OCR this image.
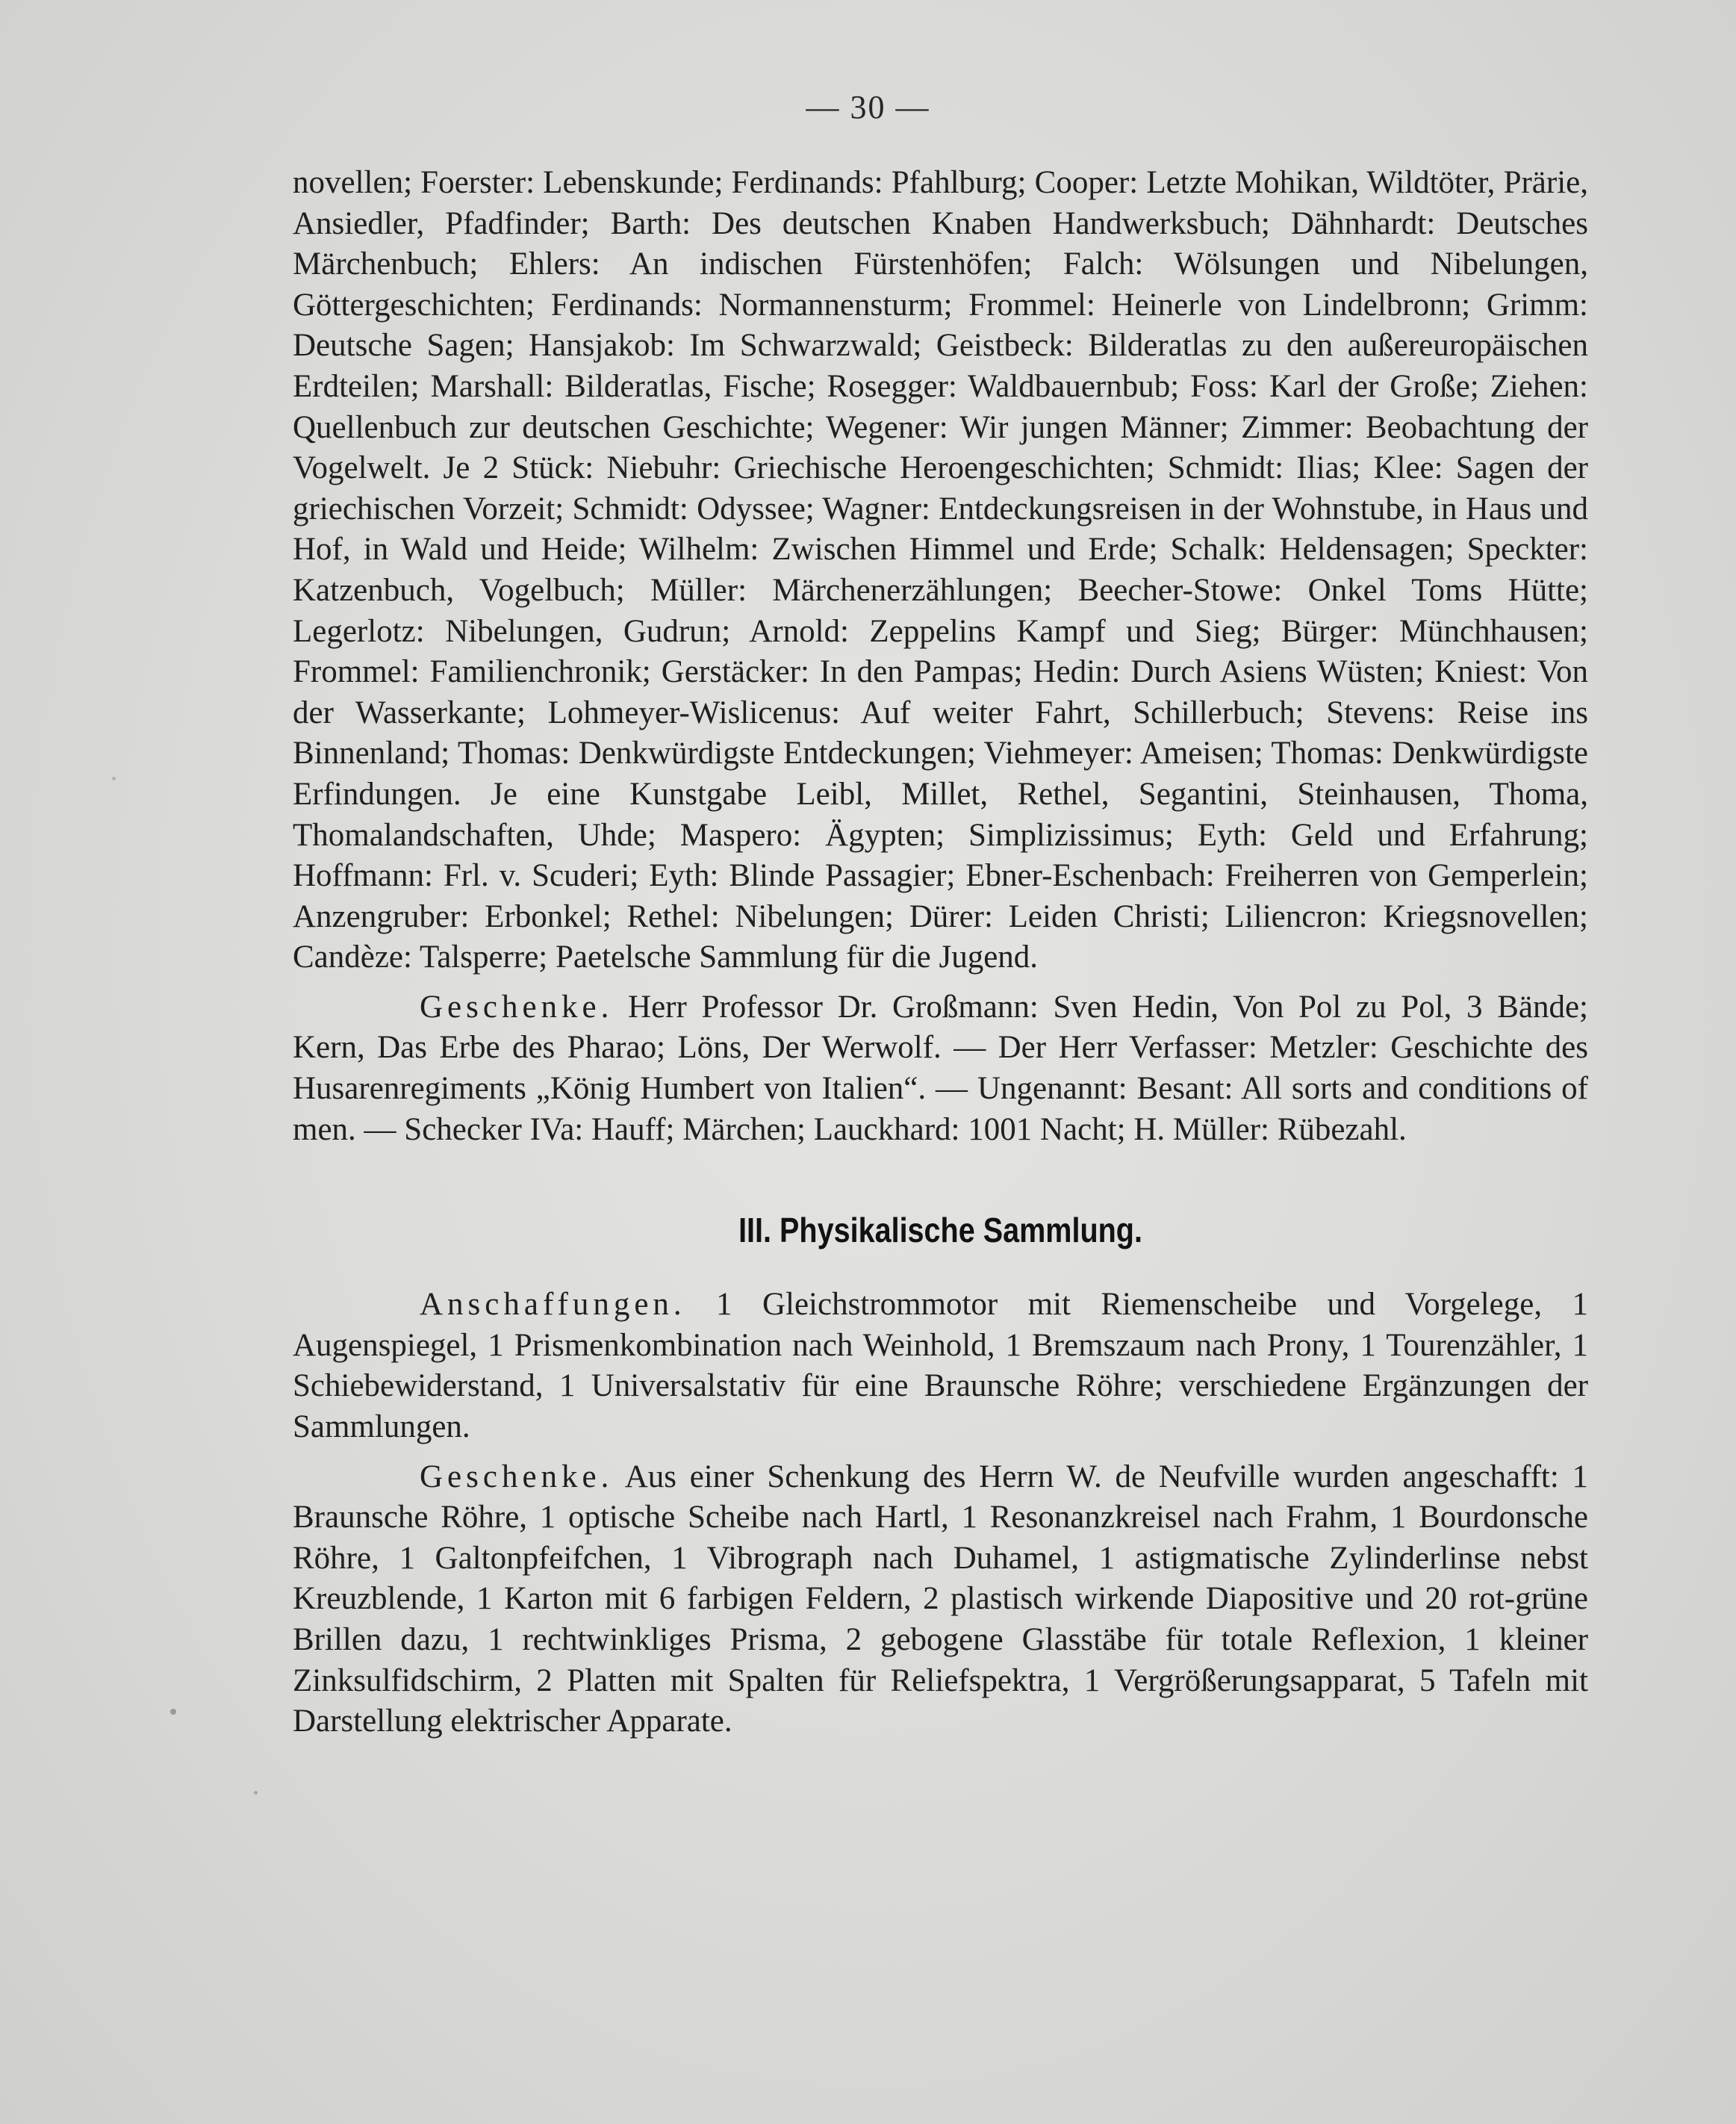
— 30 —

novellen; Foerster: Lebenskunde; Ferdinands: Pfahlburg; Cooper: Letzte Mohikan, Wildtöter, Prärie, Ansiedler, Pfadfinder; Barth: Des deutschen Knaben Handwerksbuch; Dähnhardt: Deutsches Märchenbuch; Ehlers: An indischen Fürstenhöfen; Falch: Wölsungen und Nibelungen, Göttergeschichten; Ferdinands: Normannensturm; Frommel: Heinerle von Lindelbronn; Grimm: Deutsche Sagen; Hansjakob: Im Schwarzwald; Geistbeck: Bilderatlas zu den außereuropäischen Erdteilen; Marshall: Bilderatlas, Fische; Rosegger: Waldbauernbub; Foss: Karl der Große; Ziehen: Quellenbuch zur deutschen Geschichte; Wegener: Wir jungen Männer; Zimmer: Beobachtung der Vogelwelt. Je 2 Stück: Niebuhr: Griechische Heroengeschichten; Schmidt: Ilias; Klee: Sagen der griechischen Vorzeit; Schmidt: Odyssee; Wagner: Entdeckungsreisen in der Wohnstube, in Haus und Hof, in Wald und Heide; Wilhelm: Zwischen Himmel und Erde; Schalk: Heldensagen; Speckter: Katzenbuch, Vogelbuch; Müller: Märchenerzählungen; Beecher-Stowe: Onkel Toms Hütte; Legerlotz: Nibelungen, Gudrun; Arnold: Zeppelins Kampf und Sieg; Bürger: Münchhausen; Frommel: Familienchronik; Gerstäcker: In den Pampas; Hedin: Durch Asiens Wüsten; Kniest: Von der Wasserkante; Lohmeyer-Wislicenus: Auf weiter Fahrt, Schillerbuch; Stevens: Reise ins Binnenland; Thomas: Denkwürdigste Entdeckungen; Viehmeyer: Ameisen; Thomas: Denkwürdigste Erfindungen. Je eine Kunstgabe Leibl, Millet, Rethel, Segantini, Steinhausen, Thoma, Thomalandschaften, Uhde; Maspero: Ägypten; Simplizissimus; Eyth: Geld und Erfahrung; Hoffmann: Frl. v. Scuderi; Eyth: Blinde Passagier; Ebner-Eschenbach: Freiherren von Gemperlein; Anzengruber: Erbonkel; Rethel: Nibelungen; Dürer: Leiden Christi; Liliencron: Kriegsnovellen; Candèze: Talsperre; Paetelsche Sammlung für die Jugend.

Geschenke. Herr Professor Dr. Großmann: Sven Hedin, Von Pol zu Pol, 3 Bände; Kern, Das Erbe des Pharao; Löns, Der Werwolf. — Der Herr Verfasser: Metzler: Geschichte des Husarenregiments „König Humbert von Italien“. — Ungenannt: Besant: All sorts and conditions of men. — Schecker IVa: Hauff; Märchen; Lauckhard: 1001 Nacht; H. Müller: Rübezahl.

III. Physikalische Sammlung.

Anschaffungen. 1 Gleichstrommotor mit Riemenscheibe und Vorgelege, 1 Augenspiegel, 1 Prismenkombination nach Weinhold, 1 Bremszaum nach Prony, 1 Tourenzähler, 1 Schiebewiderstand, 1 Universalstativ für eine Braunsche Röhre; verschiedene Ergänzungen der Sammlungen.

Geschenke. Aus einer Schenkung des Herrn W. de Neufville wurden angeschafft: 1 Braunsche Röhre, 1 optische Scheibe nach Hartl, 1 Resonanzkreisel nach Frahm, 1 Bourdonsche Röhre, 1 Galtonpfeifchen, 1 Vibrograph nach Duhamel, 1 astigmatische Zylinderlinse nebst Kreuzblende, 1 Karton mit 6 farbigen Feldern, 2 plastisch wirkende Diapositive und 20 rot-grüne Brillen dazu, 1 rechtwinkliges Prisma, 2 gebogene Glasstäbe für totale Reflexion, 1 kleiner Zinksulfidschirm, 2 Platten mit Spalten für Reliefspektra, 1 Vergrößerungsapparat, 5 Tafeln mit Darstellung elektrischer Apparate.
